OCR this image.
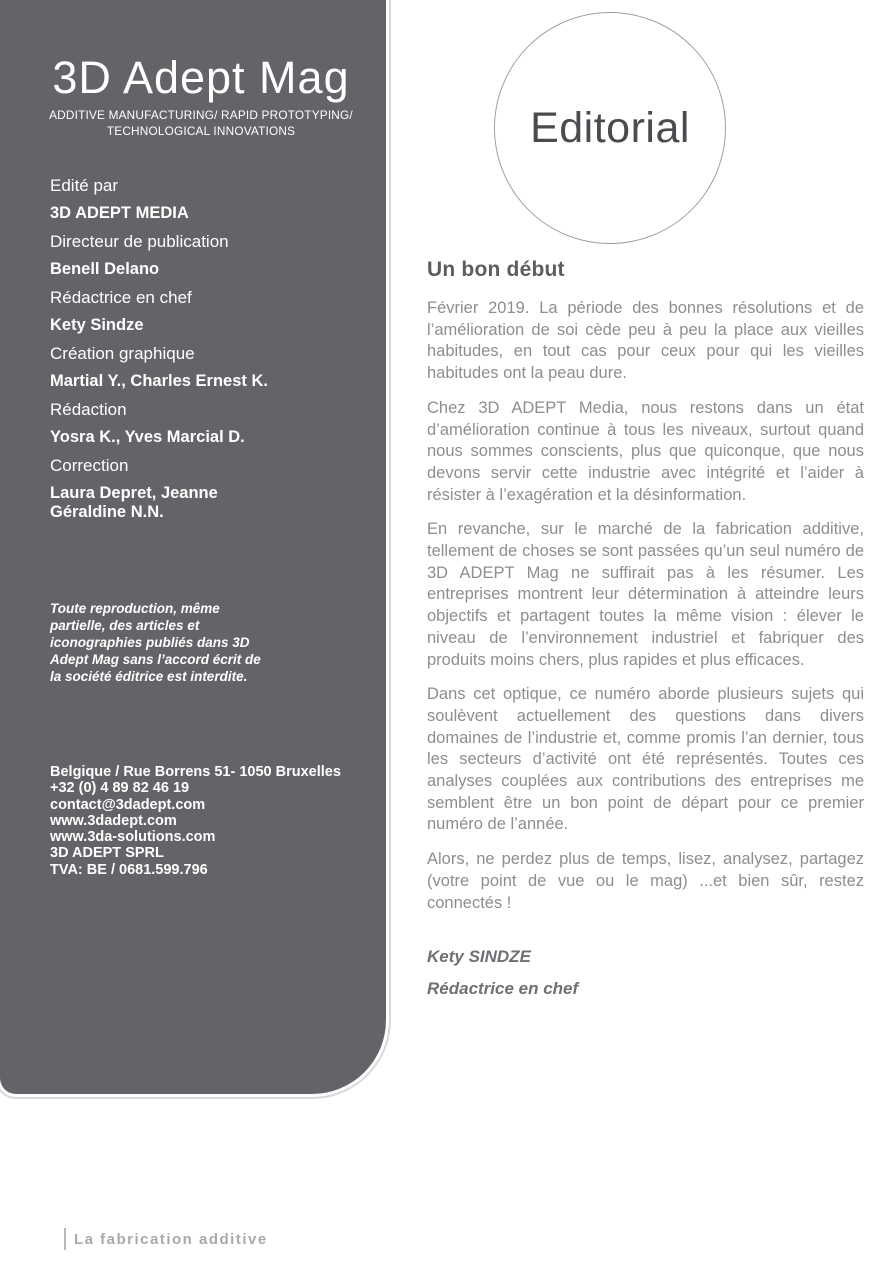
3D Adept Mag
ADDITIVE MANUFACTURING/ RAPID PROTOTYPING/
TECHNOLOGICAL INNOVATIONS
Edité par
3D ADEPT MEDIA
Directeur de publication
Benell Delano
Rédactrice en chef
Kety Sindze
Création graphique
Martial Y., Charles Ernest K.
Rédaction
Yosra K., Yves Marcial D.
Correction
Laura Depret, Jeanne
Géraldine N.N.
Toute reproduction, même
partielle, des articles et
iconographies publiés dans 3D
Adept Mag sans l’accord écrit de
la société éditrice est interdite.
Belgique / Rue Borrens 51- 1050 Bruxelles
+32 (0) 4 89 82 46 19
contact@3dadept.com
www.3dadept.com
www.3da-solutions.com
3D ADEPT SPRL
TVA: BE / 0681.599.796
Editorial
Un bon début
Février 2019. La période des bonnes résolutions et de l’amélioration de soi cède peu à peu la place aux vieilles habitudes, en tout cas pour ceux pour qui les vieilles habitudes ont la peau dure.
Chez 3D ADEPT Media, nous restons dans un état d’amélioration continue à tous les niveaux, surtout quand nous sommes conscients, plus que quiconque, que nous devons servir cette industrie avec intégrité et l’aider à résister à l’exagération et la désinformation.
En revanche, sur le marché de la fabrication additive, tellement de choses se sont passées qu’un seul numéro de 3D ADEPT Mag ne suffirait pas à les résumer. Les entreprises montrent leur détermination à atteindre leurs objectifs et partagent toutes la même vision : élever le niveau de l’environnement industriel et fabriquer des produits moins chers, plus rapides et plus efficaces.
Dans cet optique, ce numéro aborde plusieurs sujets qui soulèvent actuellement des questions dans divers domaines de l’industrie et, comme promis l’an dernier, tous les secteurs d’activité ont été représentés. Toutes ces analyses couplées aux contributions des entreprises me semblent être un bon point de départ pour ce premier numéro de l’année.
Alors, ne perdez plus de temps, lisez, analysez, partagez (votre point de vue ou le mag) ...et bien sûr, restez connectés !
Kety SINDZE
Rédactrice en chef
La fabrication additive
